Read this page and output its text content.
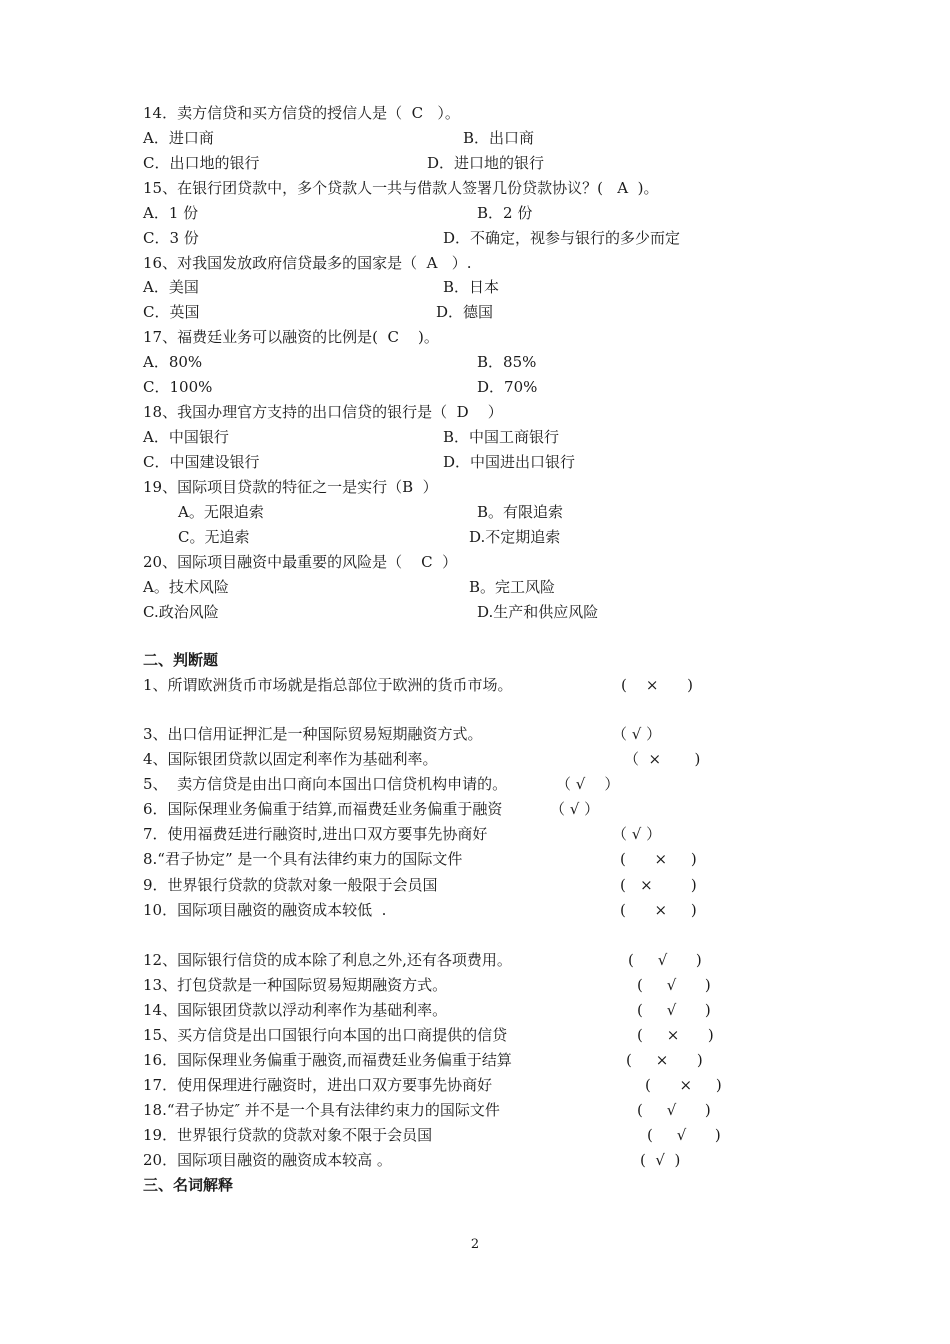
14．卖方信贷和买方信贷的授信人是（  C   ）。
A．进口商	B．出口商
C．出口地的银行	D．进口地的银行
15、在银行团贷款中，多个贷款人一共与借款人签署几份贷款协议？(   A  )。
A．1 份	B．2 份
C．3 份	D．不确定，视参与银行的多少而定
16、对我国发放政府信贷最多的国家是（  A   ）.
A．美国	B．日本
C．英国	D．德国
17、福费廷业务可以融资的比例是(  C    )。
A．80%	B．85%
C．100%	D．70%
18、我国办理官方支持的出口信贷的银行是（  D    ）
A．中国银行	B．中国工商银行
C．中国建设银行	D．中国进出口银行
19、国际项目贷款的特征之一是实行（B  ）
A。无限追索	B。有限追索
C。无追索	D.不定期追索
20、国际项目融资中最重要的风险是（    C  ）
A。技术风险	B。完工风险
C.政治风险	D.生产和供应风险
二、判断题
1、所谓欧洲货币市场就是指总部位于欧洲的货币市场。	(    ×      )
3、出口信用证押汇是一种国际贸易短期融资方式。	（ √ ）
4、国际银团贷款以固定利率作为基础利率。	（  ×       )
5、  卖方信贷是由出口商向本国出口信贷机构申请的。	（ √    ）
6．国际保理业务偏重于结算,而福费廷业务偏重于融资	（ √ ）
7．使用福费廷进行融资时,进出口双方要事先协商好	（ √ ）
8.“君子协定” 是一个具有法律约束力的国际文件	(      ×     )
9．世界银行贷款的贷款对象一般限于会员国	(   ×        )
10．国际项目融资的融资成本较低  .	(      ×     )
12、国际银行信贷的成本除了利息之外,还有各项费用。	(     √      )
13、打包贷款是一种国际贸易短期融资方式。	(     √      )
14、国际银团贷款以浮动利率作为基础利率。	(     √      )
15、买方信贷是出口国银行向本国的出口商提供的信贷	(     ×      )
16．国际保理业务偏重于融资,而福费廷业务偏重于结算	(     ×      )
17．使用保理进行融资时，进出口双方要事先协商好	(      ×     )
18.“君子协定″ 并不是一个具有法律约束力的国际文件	(     √      )
19．世界银行贷款的贷款对象不限于会员国	(     √      )
20．国际项目融资的融资成本较高 。	(  √  )
三、名词解释
2
